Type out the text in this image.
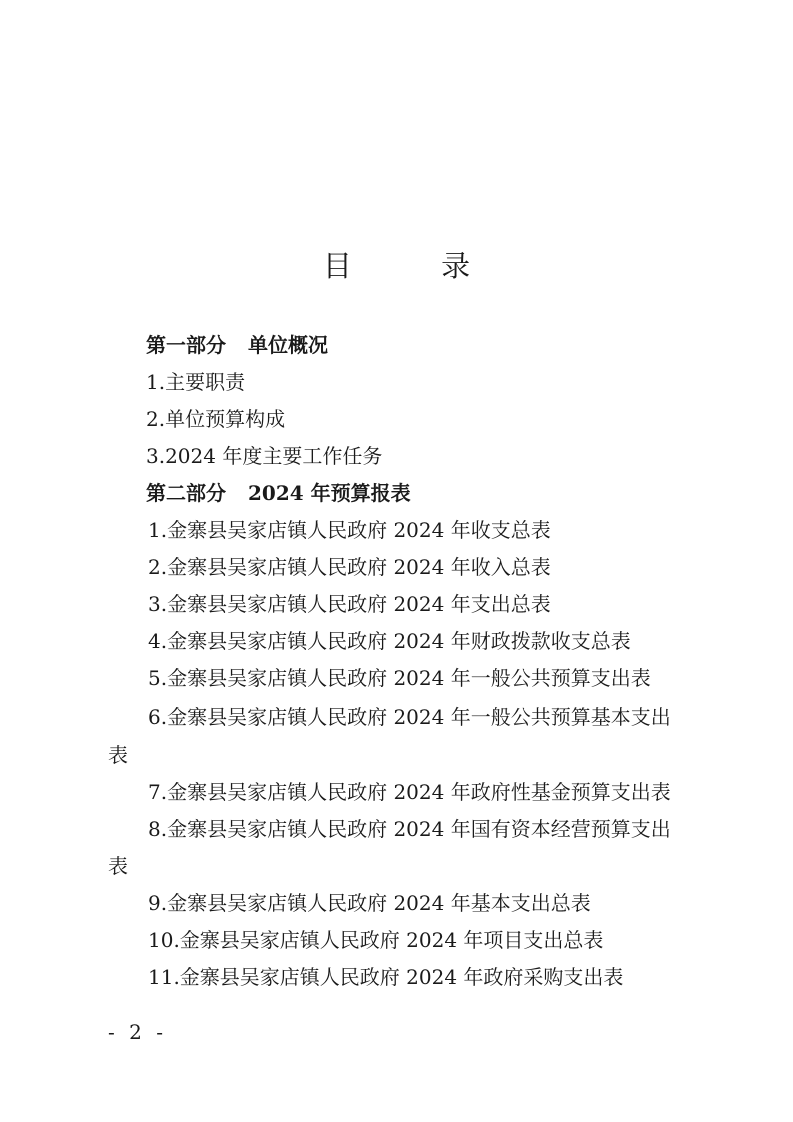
目 录
第一部分 单位概况
1.主要职责
2.单位预算构成
3.2024 年度主要工作任务
第二部分 2024 年预算报表
1.金寨县吴家店镇人民政府 2024 年收支总表
2.金寨县吴家店镇人民政府 2024 年收入总表
3.金寨县吴家店镇人民政府 2024 年支出总表
4.金寨县吴家店镇人民政府 2024 年财政拨款收支总表
5.金寨县吴家店镇人民政府 2024 年一般公共预算支出表
6.金寨县吴家店镇人民政府 2024 年一般公共预算基本支出
表
7.金寨县吴家店镇人民政府 2024 年政府性基金预算支出表
8.金寨县吴家店镇人民政府 2024 年国有资本经营预算支出
表
9.金寨县吴家店镇人民政府 2024 年基本支出总表
10.金寨县吴家店镇人民政府 2024 年项目支出总表
11.金寨县吴家店镇人民政府 2024 年政府采购支出表
- 2 -
